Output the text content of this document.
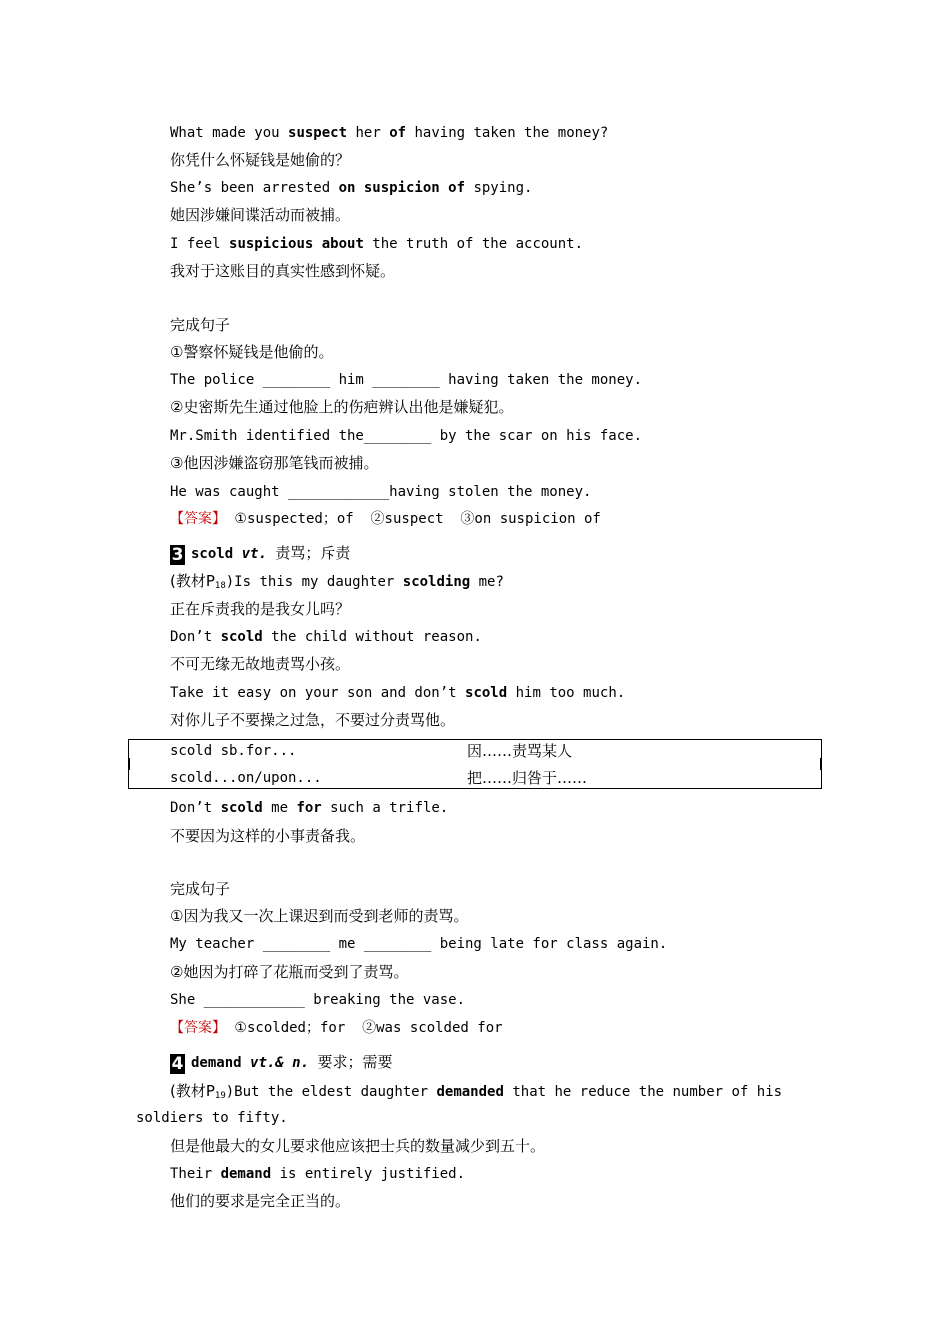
What made you suspect her of having taken the money?
你凭什么怀疑钱是她偷的？
She’s been arrested on suspicion of spying.
她因涉嫌间谍活动而被捕。
I feel suspicious about the truth of the account.
我对于这账目的真实性感到怀疑。
完成句子
①警察怀疑钱是他偷的。
The police ________ him ________ having taken the money.
②史密斯先生通过他脸上的伤疤辨认出他是嫌疑犯。
Mr.Smith identified the________ by the scar on his face.
③他因涉嫌盗窃那笔钱而被捕。
He was caught ____________having stolen the money.
【答案】 ①suspected；of  ②suspect  ③on suspicion of
3 scold vt. 责骂；斥责
(教材$P_{18})Is$ this my daughter scolding me?
正在斥责我的是我女儿吗？
Don’t scold the child without reason.
不可无缘无故地责骂小孩。
Take it easy on your son and don’t scold him too much.
对你儿子不要操之过急，不要过分责骂他。
scold sb.for...	因……责骂某人
scold...on/upon...	把……归咎于……
Don’t scold me for such a trifle.
不要因为这样的小事责备我。
完成句子
①因为我又一次上课迟到而受到老师的责骂。
My teacher ________ me ________ being late for class again.
②她因为打碎了花瓶而受到了责骂。
She ____________ breaking the vase.
【答案】 ①scolded；for  ②was scolded for
4 demand vt.& n. 要求；需要
(教材$P_{19})But$ the eldest daughter demanded that he reduce the number of his
soldiers to fifty.
但是他最大的女儿要求他应该把士兵的数量减少到五十。
Their demand is entirely justified.
他们的要求是完全正当的。
